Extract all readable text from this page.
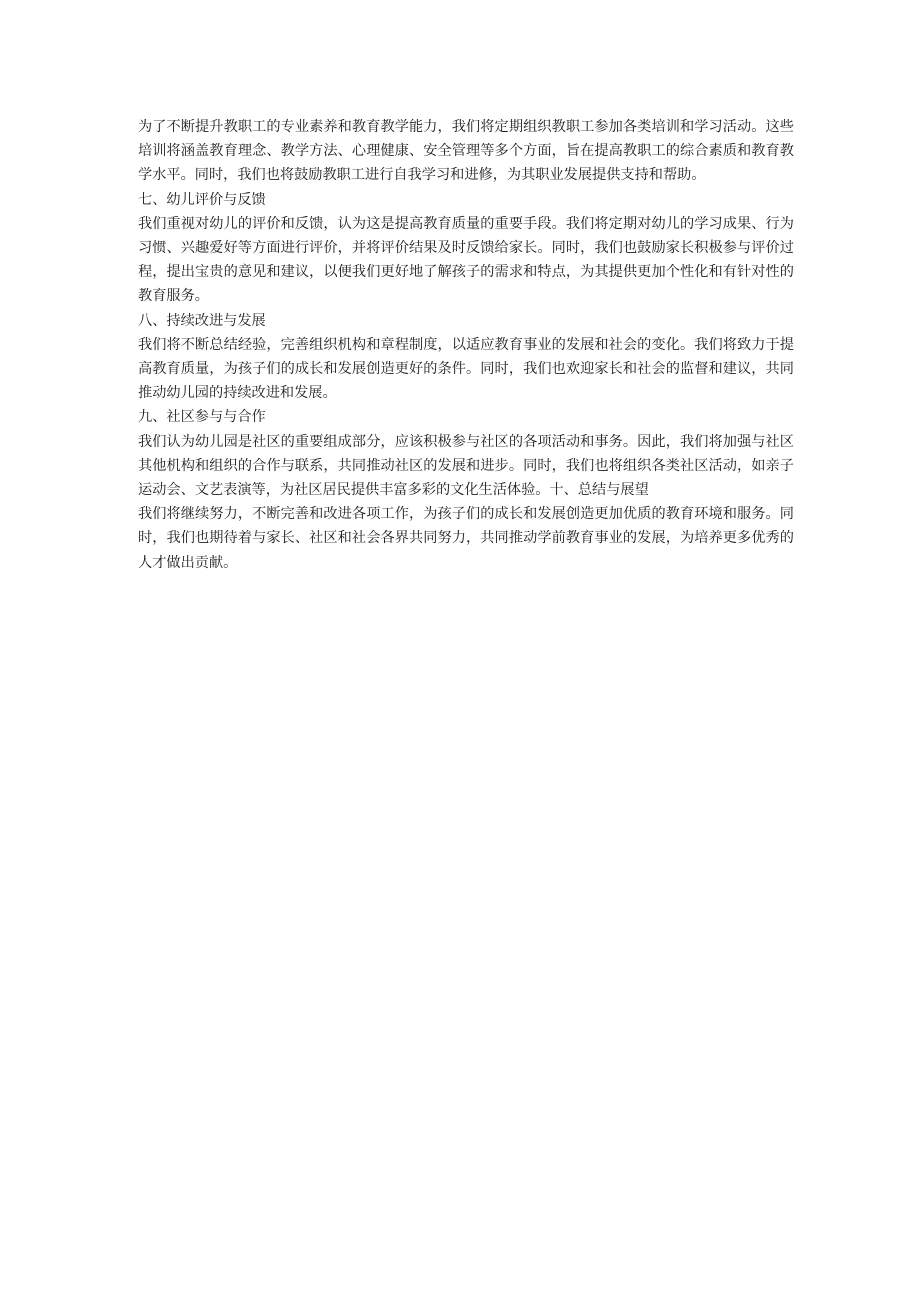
为了不断提升教职工的专业素养和教育教学能力，我们将定期组织教职工参加各类培训和学习活动。这些培训将涵盖教育理念、教学方法、心理健康、安全管理等多个方面，旨在提高教职工的综合素质和教育教学水平。同时，我们也将鼓励教职工进行自我学习和进修，为其职业发展提供支持和帮助。

七、幼儿评价与反馈

我们重视对幼儿的评价和反馈，认为这是提高教育质量的重要手段。我们将定期对幼儿的学习成果、行为习惯、兴趣爱好等方面进行评价，并将评价结果及时反馈给家长。同时，我们也鼓励家长积极参与评价过程，提出宝贵的意见和建议，以便我们更好地了解孩子的需求和特点，为其提供更加个性化和有针对性的教育服务。

八、持续改进与发展

我们将不断总结经验，完善组织机构和章程制度，以适应教育事业的发展和社会的变化。我们将致力于提高教育质量，为孩子们的成长和发展创造更好的条件。同时，我们也欢迎家长和社会的监督和建议，共同推动幼儿园的持续改进和发展。

九、社区参与与合作

我们认为幼儿园是社区的重要组成部分，应该积极参与社区的各项活动和事务。因此，我们将加强与社区其他机构和组织的合作与联系，共同推动社区的发展和进步。同时，我们也将组织各类社区活动，如亲子运动会、文艺表演等，为社区居民提供丰富多彩的文化生活体验。十、总结与展望

我们将继续努力，不断完善和改进各项工作，为孩子们的成长和发展创造更加优质的教育环境和服务。同时，我们也期待着与家长、社区和社会各界共同努力，共同推动学前教育事业的发展，为培养更多优秀的人才做出贡献。
